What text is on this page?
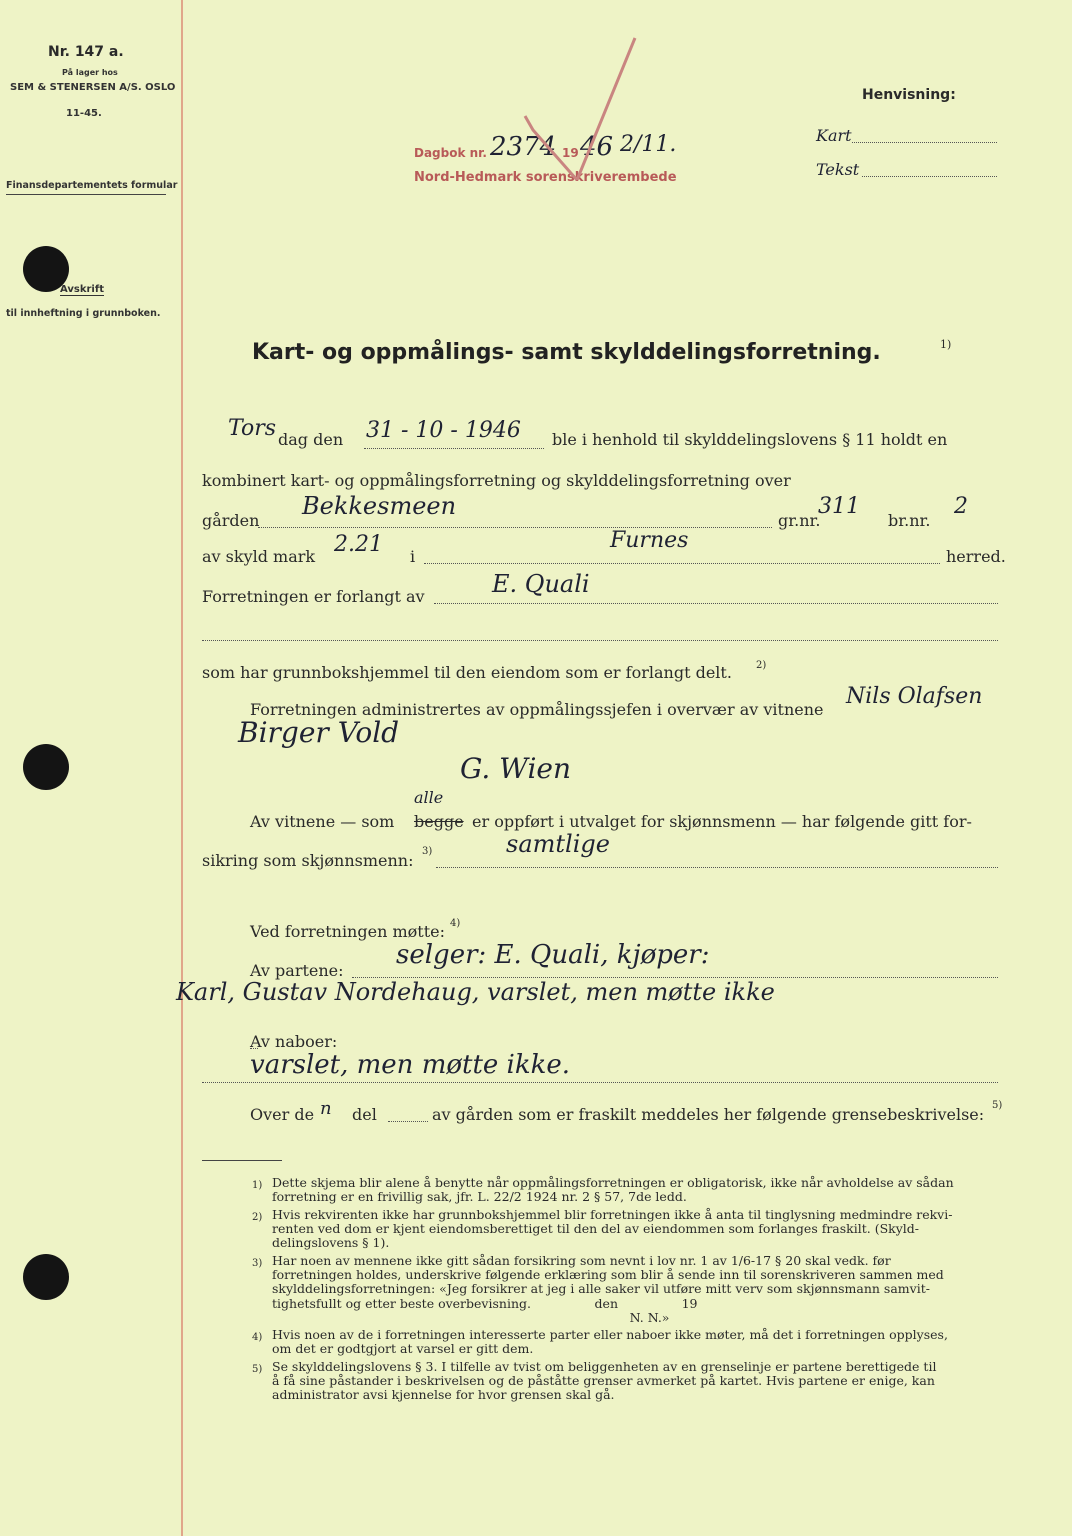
Nr. 147 a.
På lager hos
SEM & STENERSEN A/S. OSLO
11-45.
Finansdepartementets formular
Avskrift
til innheftning i grunnboken.
Dagbok nr. 2374 19 46 2/11.
Nord-Hedmark sorenskriverembede
Henvisning:
Kart
Tekst
Kart- og oppmålings- samt skylddelingsforretning.	1)
Tors dag den 31 - 10 - 1946 ble i henhold til skylddelingslovens § 11 holdt en
kombinert kart- og oppmålingsforretning og skylddelingsforretning over
gården
Bekkesmeen
gr.nr.
311
br.nr.
2
av skyld mark 2.21 i
Furnes
herred.
Forretningen er forlangt av	E. Quali
som har grunnbokshjemmel til den eiendom som er forlangt delt. 2)
Forretningen administrertes av oppmålingssjefen i overvær av vitnene
Nils Olafsen
Birger Vold
G. Wien
alle
Av vitnene — som begge er oppført i utvalget for skjønnsmenn — har følgende gitt for-
sikring som skjønnsmenn: 3)	samtlige
Ved forretningen møtte: 4)
Av partene:
selger: E. Quali, kjøper:
Karl, Gustav Nordehaug, varslet, men møtte ikke
Av naboer:
varslet, men møtte ikke.
Over de n del	av gården som er fraskilt meddeles her følgende grensebeskrivelse: 5)
1) Dette skjema blir alene å benytte når oppmålingsforretningen er obligatorisk, ikke når avholdelse av sådan
forretning er en frivillig sak, jfr. L. 22/2 1924 nr. 2 § 57, 7de ledd.
2) Hvis rekvirenten ikke har grunnbokshjemmel blir forretningen ikke å anta til tinglysning medmindre rekvi-
renten ved dom er kjent eiendomsberettiget til den del av eiendommen som forlanges fraskilt. (Skyld-
delingslovens § 1).
3) Har noen av mennene ikke gitt sådan forsikring som nevnt i lov nr. 1 av 1/6-17 § 20 skal vedk. før
forretningen holdes, underskrive følgende erklæring som blir å sende inn til sorenskriveren sammen med
skylddelingsforretningen: «Jeg forsikrer at jeg i alle saker vil utføre mitt verv som skjønnsmann samvit-
tighetsfullt og etter beste overbevisning.                den                19
N. N.»
4) Hvis noen av de i forretningen interesserte parter eller naboer ikke møter, må det i forretningen opplyses,
om det er godtgjort at varsel er gitt dem.
5) Se skylddelingslovens § 3. I tilfelle av tvist om beliggenheten av en grenselinje er partene berettigede til
å få sine påstander i beskrivelsen og de påståtte grenser avmerket på kartet. Hvis partene er enige, kan
administrator avsi kjennelse for hvor grensen skal gå.
